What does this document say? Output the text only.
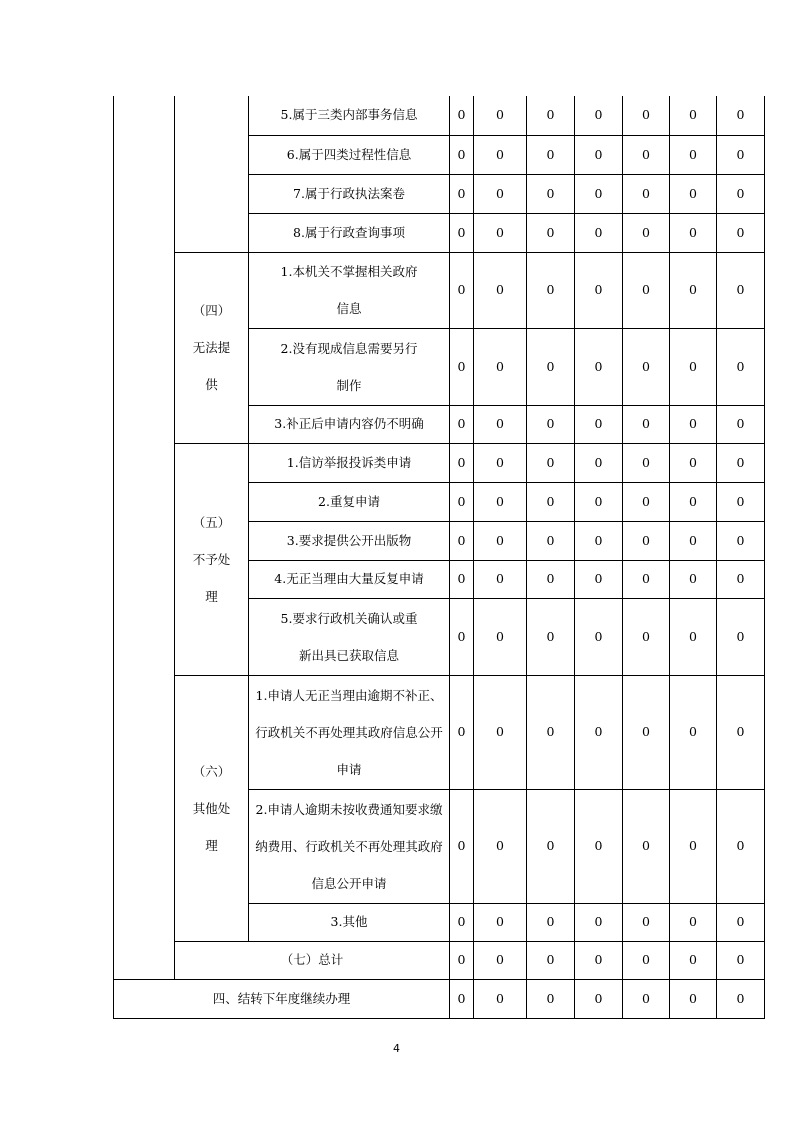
		5.属于三类内部事务信息	0	0	0	0	0	0	0
		6.属于四类过程性信息	0	0	0	0	0	0	0
		7.属于行政执法案卷	0	0	0	0	0	0	0
		8.属于行政查询事项	0	0	0	0	0	0	0
	（四）无法提供	1.本机关不掌握相关政府信息	0	0	0	0	0	0	0
		2.没有现成信息需要另行制作	0	0	0	0	0	0	0
		3.补正后申请内容仍不明确	0	0	0	0	0	0	0
	（五）不予处理	1.信访举报投诉类申请	0	0	0	0	0	0	0
		2.重复申请	0	0	0	0	0	0	0
		3.要求提供公开出版物	0	0	0	0	0	0	0
		4.无正当理由大量反复申请	0	0	0	0	0	0	0
		5.要求行政机关确认或重新出具已获取信息	0	0	0	0	0	0	0
	（六）其他处理	1.申请人无正当理由逾期不补正、行政机关不再处理其政府信息公开申请	0	0	0	0	0	0	0
		2.申请人逾期未按收费通知要求缴纳费用、行政机关不再处理其政府信息公开申请	0	0	0	0	0	0	0
		3.其他	0	0	0	0	0	0	0
	（七）总计		0	0	0	0	0	0	0
四、结转下年度继续办理			0	0	0	0	0	0	0
4
